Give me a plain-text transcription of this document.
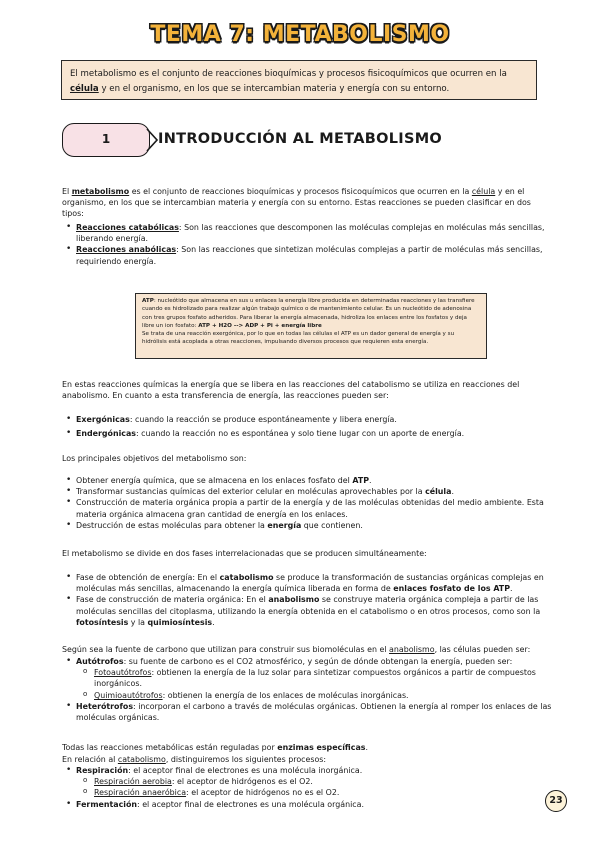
TEMA 7: METABOLISMO
El metabolismo es el conjunto de reacciones bioquímicas y procesos fisicoquímicos que ocurren en la célula y en el organismo, en los que se intercambian materia y energía con su entorno.
1	INTRODUCCIÓN AL METABOLISMO
El metabolismo es el conjunto de reacciones bioquímicas y procesos fisicoquímicos que ocurren en la célula y en el organismo, en los que se intercambian materia y energía con su entorno. Estas reacciones se pueden clasificar en dos tipos:
• Reacciones catabólicas: Son las reacciones que descomponen las moléculas complejas en moléculas más sencillas, liberando energía.
• Reacciones anabólicas: Son las reacciones que sintetizan moléculas complejas a partir de moléculas más sencillas, requiriendo energía.
ATP: nucleótido que almacena en sus u enlaces la energía libre producida en determinadas reacciones y las transfiere cuando es hidrolizado para realizar algún trabajo químico o de mantenimiento celular. Es un nucleótido de adenosina con tres grupos fosfato adheridos. Para liberar la energía almacenada, hidroliza los enlaces entre los fosfatos y deja libre un ion fosfato: ATP + H2O --> ADP + Pi + energía libre
Se trata de una reacción exergónica, por lo que en todas las células el ATP es un dador general de energía y su hidrólisis está acoplada a otras reacciones, impulsando diversos procesos que requieren esta energía.
En estas reacciones químicas la energía que se libera en las reacciones del catabolismo se utiliza en reacciones del anabolismo. En cuanto a esta transferencia de energía, las reacciones pueden ser:
• Exergónicas: cuando la reacción se produce espontáneamente y libera energía.
• Endergónicas: cuando la reacción no es espontánea y solo tiene lugar con un aporte de energía.
Los principales objetivos del metabolismo son:
• Obtener energía química, que se almacena en los enlaces fosfato del ATP.
• Transformar sustancias químicas del exterior celular en moléculas aprovechables por la célula.
• Construcción de materia orgánica propia a partir de la energía y de las moléculas obtenidas del medio ambiente. Esta materia orgánica almacena gran cantidad de energía en los enlaces.
• Destrucción de estas moléculas para obtener la energía que contienen.
El metabolismo se divide en dos fases interrelacionadas que se producen simultáneamente:
• Fase de obtención de energía: En el catabolismo se produce la transformación de sustancias orgánicas complejas en moléculas más sencillas, almacenando la energía química liberada en forma de enlaces fosfato de los ATP.
• Fase de construcción de materia orgánica: En el anabolismo se construye materia orgánica compleja a partir de las moléculas sencillas del citoplasma, utilizando la energía obtenida en el catabolismo o en otros procesos, como son la fotosíntesis y la quimiosíntesis.
Según sea la fuente de carbono que utilizan para construir sus biomoléculas en el anabolismo, las células pueden ser:
• Autótrofos: su fuente de carbono es el CO2 atmosférico, y según de dónde obtengan la energía, pueden ser:
o Fotoautótrofos: obtienen la energía de la luz solar para sintetizar compuestos orgánicos a partir de compuestos inorgánicos.
o Quimioautótrofos: obtienen la energía de los enlaces de moléculas inorgánicas.
• Heterótrofos: incorporan el carbono a través de moléculas orgánicas. Obtienen la energía al romper los enlaces de las moléculas orgánicas.
Todas las reacciones metabólicas están reguladas por enzimas específicas.
En relación al catabolismo, distinguiremos los siguientes procesos:
• Respiración: el aceptor final de electrones es una molécula inorgánica.
o Respiración aerobia: el aceptor de hidrógenos es el O2.
o Respiración anaeróbica: el aceptor de hidrógenos no es el O2.
• Fermentación: el aceptor final de electrones es una molécula orgánica.	23
